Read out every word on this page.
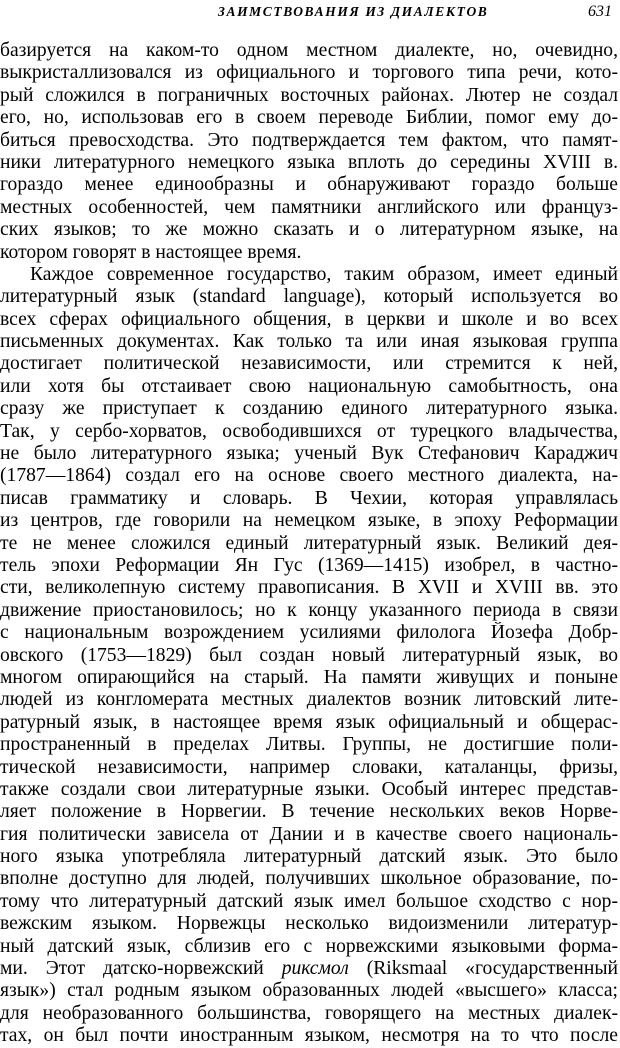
ЗАИМСТВОВАНИЯ ИЗ ДИАЛЕКТОВ	631
базируется на каком-то одном местном диалекте, но, очевидно,
выкристаллизовался из официального и торгового типа речи, кото-
рый сложился в пограничных восточных районах. Лютер не создал
его, но, использовав его в своем переводе Библии, помог ему до-
биться превосходства. Это подтверждается тем фактом, что памят-
ники литературного немецкого языка вплоть до середины XVIII в.
гораздо менее единообразны и обнаруживают гораздо больше
местных особенностей, чем памятники английского или француз-
ских языков; то же можно сказать и о литературном языке, на
котором говорят в настоящее время.
Каждое современное государство, таким образом, имеет единый
литературный язык (standard language), который используется во
всех сферах официального общения, в церкви и школе и во всех
письменных документах. Как только та или иная языковая группа
достигает политической независимости, или стремится к ней,
или хотя бы отстаивает свою национальную самобытность, она
сразу же приступает к созданию единого литературного языка.
Так, у сербо-хорватов, освободившихся от турецкого владычества,
не было литературного языка; ученый Вук Стефанович Караджич
(1787—1864) создал его на основе своего местного диалекта, на-
писав грамматику и словарь. В Чехии, которая управлялась
из центров, где говорили на немецком языке, в эпоху Реформации
те не менее сложился единый литературный язык. Великий дея-
тель эпохи Реформации Ян Гус (1369—1415) изобрел, в частно-
сти, великолепную систему правописания. В XVII и XVIII вв. это
движение приостановилось; но к концу указанного периода в связи
с национальным возрождением усилиями филолога Йозефа Добр-
овского (1753—1829) был создан новый литературный язык, во
многом опирающийся на старый. На памяти живущих и поныне
людей из конгломерата местных диалектов возник литовский лите-
ратурный язык, в настоящее время язык официальный и общерас-
пространенный в пределах Литвы. Группы, не достигшие поли-
тической независимости, например словаки, каталанцы, фризы,
также создали свои литературные языки. Особый интерес представ-
ляет положение в Норвегии. В течение нескольких веков Норве-
гия политически зависела от Дании и в качестве своего националь-
ного языка употребляла литературный датский язык. Это было
вполне доступно для людей, получивших школьное образование, по-
тому что литературный датский язык имел большое сходство с нор-
вежским языком. Норвежцы несколько видоизменили литератур-
ный датский язык, сблизив его с норвежскими языковыми форма-
ми. Этот датско-норвежский риксмол (Riksmaal «государственный
язык») стал родным языком образованных людей «высшего» класса;
для необразованного большинства, говорящего на местных диалек-
тах, он был почти иностранным языком, несмотря на то что после
